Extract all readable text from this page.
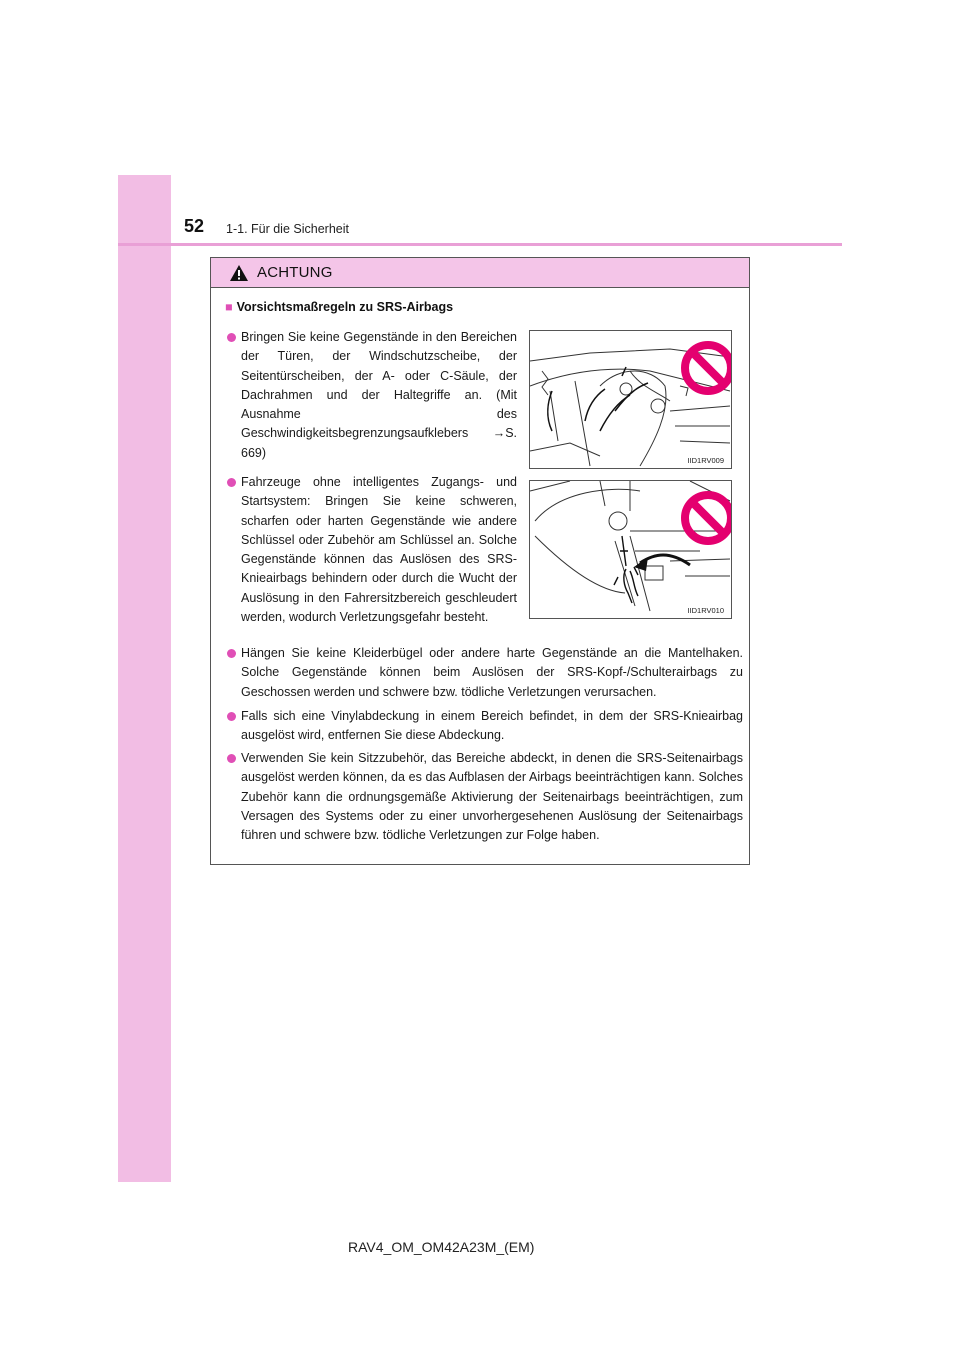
52 1-1. Für die Sicherheit
ACHTUNG
■ Vorsichtsmaßregeln zu SRS-Airbags
Bringen Sie keine Gegenstände in den Bereichen der Türen, der Windschutzscheibe, der Seitentürscheiben, der A- oder C-Säule, der Dachrahmen und der Haltegriffe an. (Mit Ausnahme des Geschwindigkeitsbegrenzungsaufklebers →S. 669)
IID1RV009
Fahrzeuge ohne intelligentes Zugangs- und Startsystem: Bringen Sie keine schweren, scharfen oder harten Gegenstände wie andere Schlüssel oder Zubehör am Schlüssel an. Solche Gegenstände können das Auslösen des SRS-Knieairbags behindern oder durch die Wucht der Auslösung in den Fahrersitzbereich geschleudert werden, wodurch Verletzungsgefahr besteht.	IID1RV010
Hängen Sie keine Kleiderbügel oder andere harte Gegenstände an die Mantelhaken. Solche Gegenstände können beim Auslösen der SRS-Kopf-/Schulterairbags zu Geschossen werden und schwere bzw. tödliche Verletzungen verursachen.
Falls sich eine Vinylabdeckung in einem Bereich befindet, in dem der SRS-Knieairbag ausgelöst wird, entfernen Sie diese Abdeckung.
Verwenden Sie kein Sitzzubehör, das Bereiche abdeckt, in denen die SRS-Seitenairbags ausgelöst werden können, da es das Aufblasen der Airbags beeinträchtigen kann. Solches Zubehör kann die ordnungsgemäße Aktivierung der Seitenairbags beeinträchtigen, zum Versagen des Systems oder zu einer unvorhergesehenen Auslösung der Seitenairbags führen und schwere bzw. tödliche Verletzungen zur Folge haben.
RAV4_OM_OM42A23M_(EM)
